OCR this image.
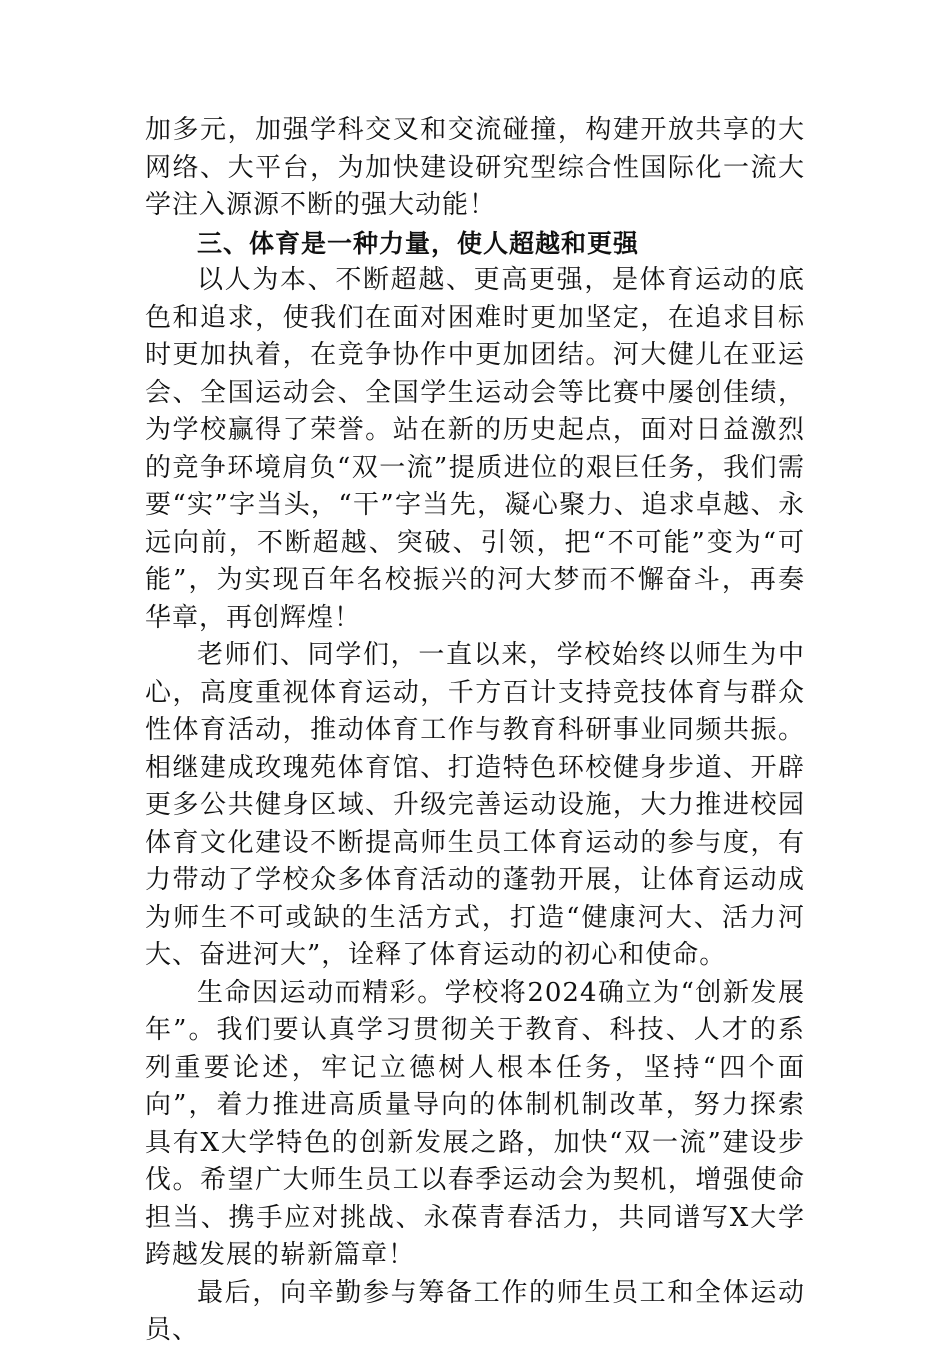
加多元，加强学科交叉和交流碰撞，构建开放共享的大网络、大平台，为加快建设研究型综合性国际化一流大学注入源源不断的强大动能！

三、体育是一种力量，使人超越和更强

以人为本、不断超越、更高更强，是体育运动的底色和追求，使我们在面对困难时更加坚定，在追求目标时更加执着，在竞争协作中更加团结。河大健儿在亚运会、全国运动会、全国学生运动会等比赛中屡创佳绩，为学校赢得了荣誉。站在新的历史起点，面对日益激烈的竞争环境肩负“双一流”提质进位的艰巨任务，我们需要“实”字当头，“干”字当先，凝心聚力、追求卓越、永远向前，不断超越、突破、引领，把“不可能”变为“可能”，为实现百年名校振兴的河大梦而不懈奋斗，再奏华章，再创辉煌！

老师们、同学们，一直以来，学校始终以师生为中心，高度重视体育运动，千方百计支持竞技体育与群众性体育活动，推动体育工作与教育科研事业同频共振。相继建成玫瑰苑体育馆、打造特色环校健身步道、开辟更多公共健身区域、升级完善运动设施，大力推进校园体育文化建设不断提高师生员工体育运动的参与度，有力带动了学校众多体育活动的蓬勃开展，让体育运动成为师生不可或缺的生活方式，打造“健康河大、活力河大、奋进河大”，诠释了体育运动的初心和使命。

生命因运动而精彩。学校将2024确立为“创新发展年”。我们要认真学习贯彻关于教育、科技、人才的系列重要论述，牢记立德树人根本任务，坚持“四个面向”，着力推进高质量导向的体制机制改革，努力探索具有X大学特色的创新发展之路，加快“双一流”建设步伐。希望广大师生员工以春季运动会为契机，增强使命担当、携手应对挑战、永葆青春活力，共同谱写X大学跨越发展的崭新篇章！

最后，向辛勤参与筹备工作的师生员工和全体运动员、
